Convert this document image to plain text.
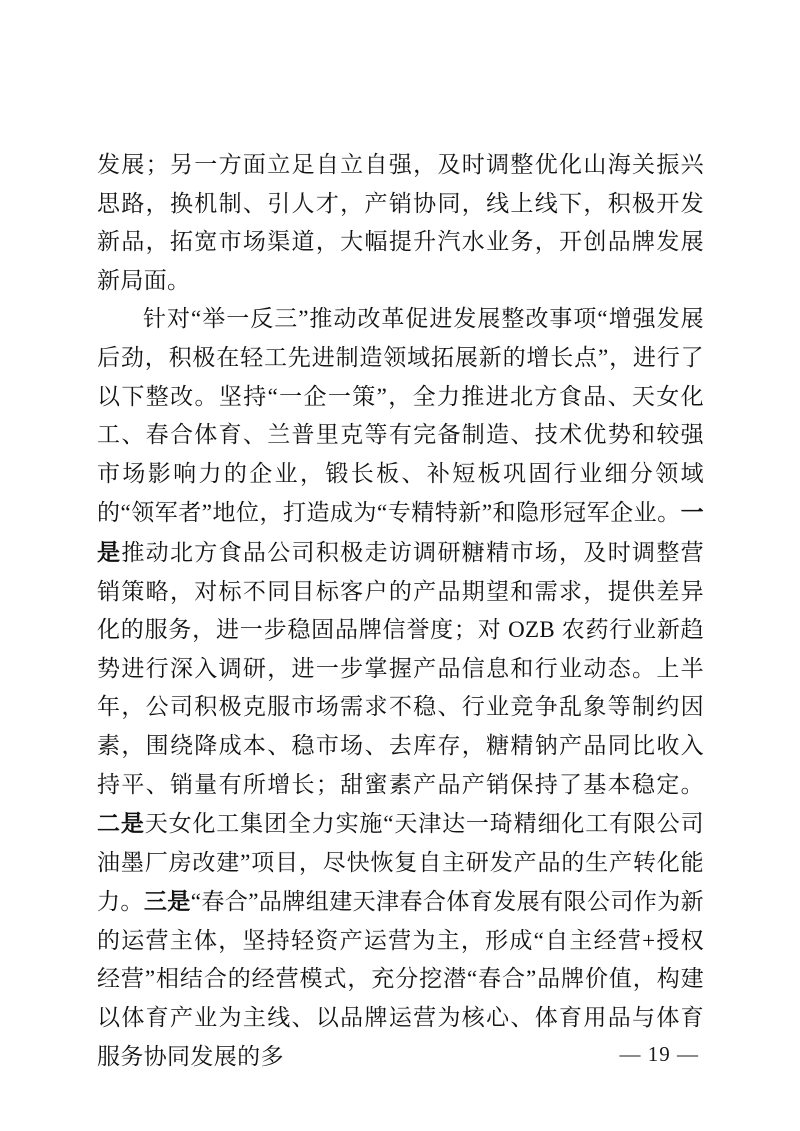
发展；另一方面立足自立自强，及时调整优化山海关振兴思路，换机制、引人才，产销协同，线上线下，积极开发新品，拓宽市场渠道，大幅提升汽水业务，开创品牌发展新局面。

针对“举一反三”推动改革促进发展整改事项“增强发展后劲，积极在轻工先进制造领域拓展新的增长点”，进行了以下整改。坚持“一企一策”，全力推进北方食品、天女化工、春合体育、兰普里克等有完备制造、技术优势和较强市场影响力的企业，锻长板、补短板巩固行业细分领域的“领军者”地位，打造成为“专精特新”和隐形冠军企业。一是推动北方食品公司积极走访调研糖精市场，及时调整营销策略，对标不同目标客户的产品期望和需求，提供差异化的服务，进一步稳固品牌信誉度；对 OZB 农药行业新趋势进行深入调研，进一步掌握产品信息和行业动态。上半年，公司积极克服市场需求不稳、行业竞争乱象等制约因素，围绕降成本、稳市场、去库存，糖精钠产品同比收入持平、销量有所增长；甜蜜素产品产销保持了基本稳定。二是天女化工集团全力实施“天津达一琦精细化工有限公司油墨厂房改建”项目，尽快恢复自主研发产品的生产转化能力。三是“春合”品牌组建天津春合体育发展有限公司作为新的运营主体，坚持轻资产运营为主，形成“自主经营+授权经营”相结合的经营模式，充分挖潜“春合”品牌价值，构建以体育产业为主线、以品牌运营为核心、体育用品与体育服务协同发展的多	— 19 —
